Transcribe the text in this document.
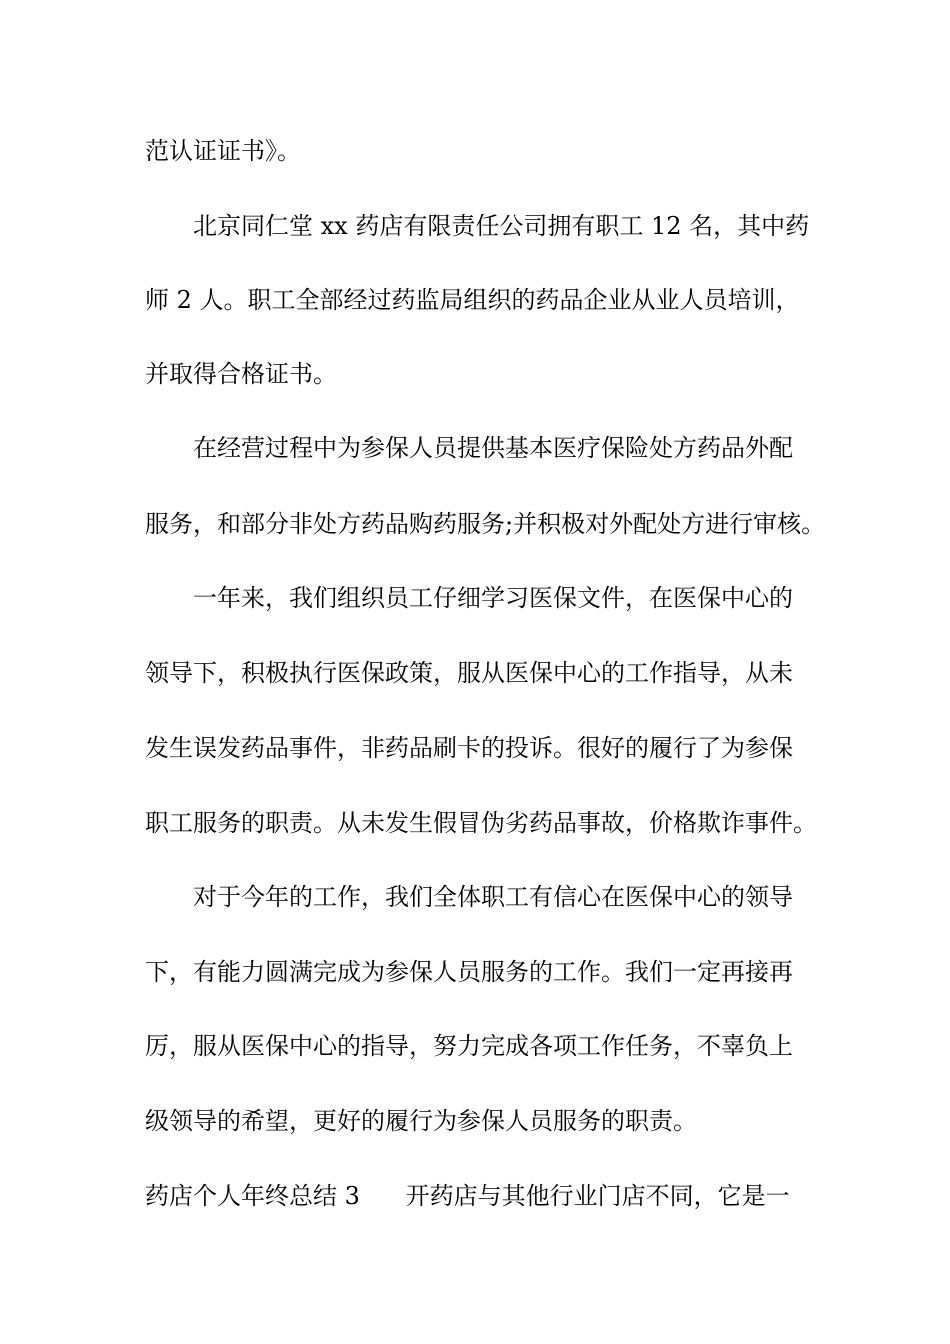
范认证证书》。
北京同仁堂 xx 药店有限责任公司拥有职工 12 名，其中药
师 2 人。职工全部经过药监局组织的药品企业从业人员培训，
并取得合格证书。
在经营过程中为参保人员提供基本医疗保险处方药品外配
服务，和部分非处方药品购药服务;并积极对外配处方进行审核。
一年来，我们组织员工仔细学习医保文件，在医保中心的
领导下，积极执行医保政策，服从医保中心的工作指导，从未
发生误发药品事件，非药品刷卡的投诉。很好的履行了为参保
职工服务的职责。从未发生假冒伪劣药品事故，价格欺诈事件。
对于今年的工作，我们全体职工有信心在医保中心的领导
下，有能力圆满完成为参保人员服务的工作。我们一定再接再
厉，服从医保中心的指导，努力完成各项工作任务，不辜负上
级领导的希望，更好的履行为参保人员服务的职责。
药店个人年终总结 3      开药店与其他行业门店不同，它是一
